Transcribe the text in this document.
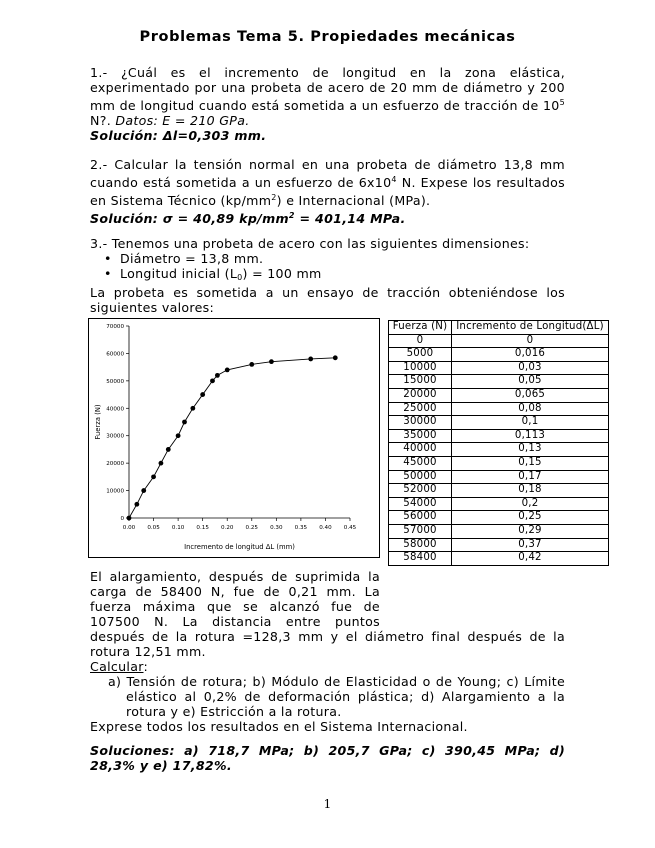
Problemas Tema 5. Propiedades mecánicas

1.- ¿Cuál es el incremento de longitud en la zona elástica, experimentado por una probeta de acero de 20 mm de diámetro y 200 mm de longitud cuando está sometida a un esfuerzo de tracción de $10^5$ N?. Datos: E = 210 GPa.

Solución: Δl=0,303 mm.

2.- Calcular la tensión normal en una probeta de diámetro 13,8 mm cuando está sometida a un esfuerzo de $6x10^4$ N. Expese los resultados en Sistema Técnico $(kp/mm^2)$ e Internacional (MPa).

Solución: σ = 40,89 $kp/mm^2 = 401,14$ MPa.

3.- Tenemos una probeta de acero con las siguientes dimensiones:

• Diámetro = 13,8 mm.
• Longitud inicial $(L_0) = 100$ mm

La probeta es sometida a un ensayo de tracción obteniéndose los

siguientes valores:

0
10000
20000
30000
40000
50000
60000
70000
0.00 0.05 0.10 0.15 0.20 0.25 0.30 0.35 0.40 0.45
Incremento de longitud ΔL (mm)
Fuerza (N)
Fuerza (N)	Incremento de Longitud(ΔL)
0	0
5000	0,016
10000	0,03
15000	0,05
20000	0,065
25000	0,08
30000	0,1
35000	0,113
40000	0,13
45000	0,15
50000	0,17
52000	0,18
54000	0,2
56000	0,25
57000	0,29
58000	0,37
58400	0,42

El alargamiento, después de suprimida la

carga de 58400 N, fue de 0,21 mm. La

fuerza máxima que se alcanzó fue de

107500 N. La distancia entre puntos

después de la rotura =128,3 mm y el diámetro final después de la

rotura 12,51 mm.

Calcular:

a) Tensión de rotura; b) Módulo de Elasticidad o de Young; c) Límite

elástico al 0,2% de deformación plástica; d) Alargamiento a la

rotura y e) Estricción a la rotura.

Exprese todos los resultados en el Sistema Internacional.

Soluciones: a) 718,7 MPa; b) 205,7 GPa; c) 390,45 MPa; d)

28,3% y e) 17,82%.

1
